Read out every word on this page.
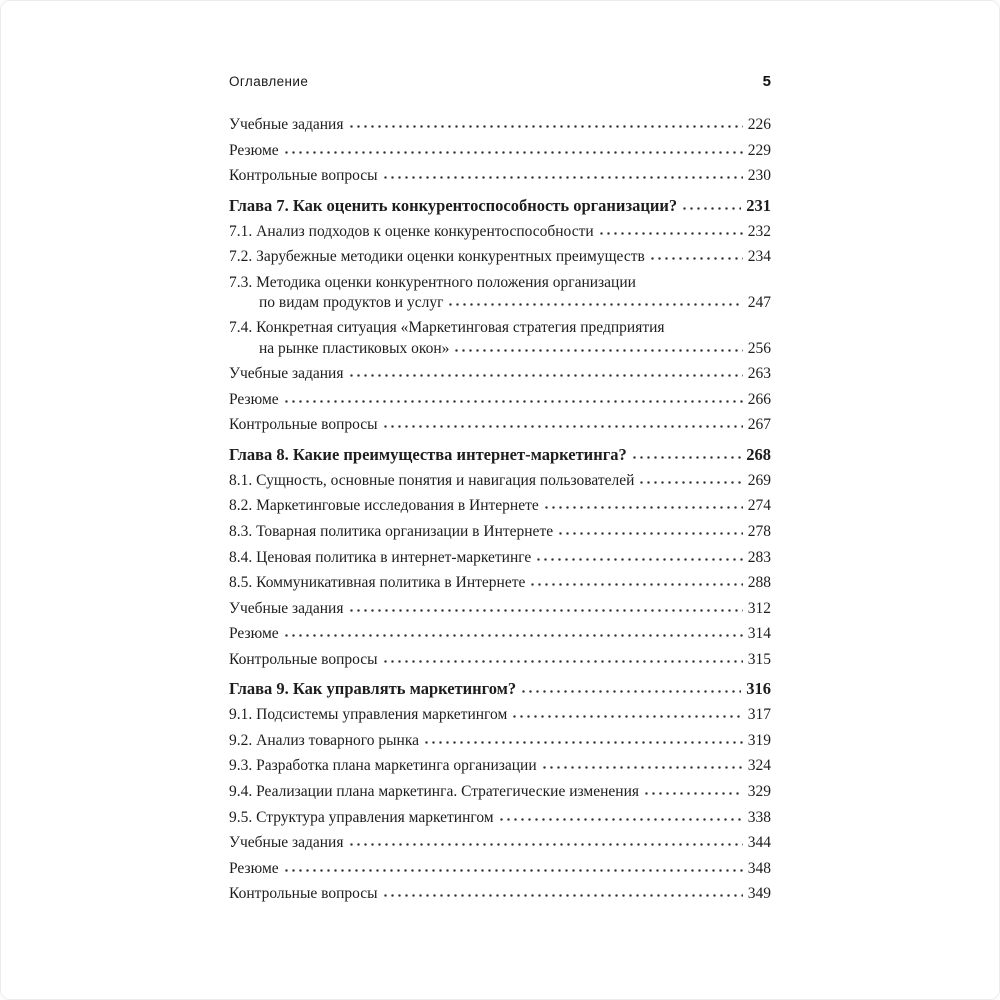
Оглавление	5
Учебные задания	226
Резюме	229
Контрольные вопросы	230
Глава 7. Как оценить конкурентоспособность организации?	231
7.1. Анализ подходов к оценке конкурентоспособности	232
7.2. Зарубежные методики оценки конкурентных преимуществ	234
7.3. Методика оценки конкурентного положения организации
по видам продуктов и услуг	247
7.4. Конкретная ситуация «Маркетинговая стратегия предприятия
на рынке пластиковых окон»	256
Учебные задания	263
Резюме	266
Контрольные вопросы	267
Глава 8. Какие преимущества интернет-маркетинга?	268
8.1. Сущность, основные понятия и навигация пользователей	269
8.2. Маркетинговые исследования в Интернете	274
8.3. Товарная политика организации в Интернете	278
8.4. Ценовая политика в интернет-маркетинге	283
8.5. Коммуникативная политика в Интернете	288
Учебные задания	312
Резюме	314
Контрольные вопросы	315
Глава 9. Как управлять маркетингом?	316
9.1. Подсистемы управления маркетингом	317
9.2. Анализ товарного рынка	319
9.3. Разработка плана маркетинга организации	324
9.4. Реализации плана маркетинга. Стратегические изменения	329
9.5. Структура управления маркетингом	338
Учебные задания	344
Резюме	348
Контрольные вопросы	349
